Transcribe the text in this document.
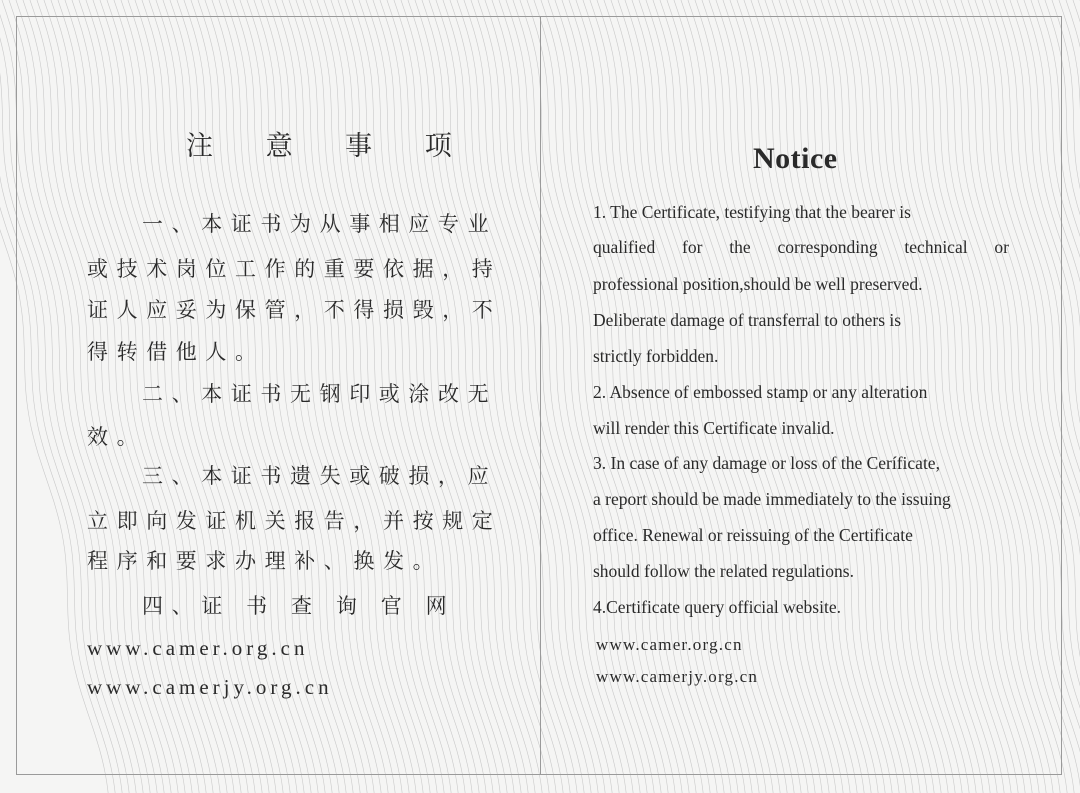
注 意 事 项
一、本证书为从事相应专业
或技术岗位工作的重要依据，持
证人应妥为保管，不得损毁，不
得转借他人。
二、本证书无钢印或涂改无
效。
三、本证书遗失或破损，应
立即向发证机关报告，并按规定
程序和要求办理补、换发。
四、证 书 查 询 官 网
www.camer.org.cn
www.camerjy.org.cn
Notice
1. The Certificate, testifying that the bearer is
qualified for the corresponding technical or
professional position,should be well preserved.
Deliberate damage of transferral to others is
strictly forbidden.
2. Absence of embossed stamp or any alteration
will render this Certificate invalid.
3. In case of any damage or loss of the Ceríficate,
a report should be made immediately to the issuing
office. Renewal or reissuing of the Certificate
should follow the related regulations.
4.Certificate query official website.
www.camer.org.cn
www.camerjy.org.cn
